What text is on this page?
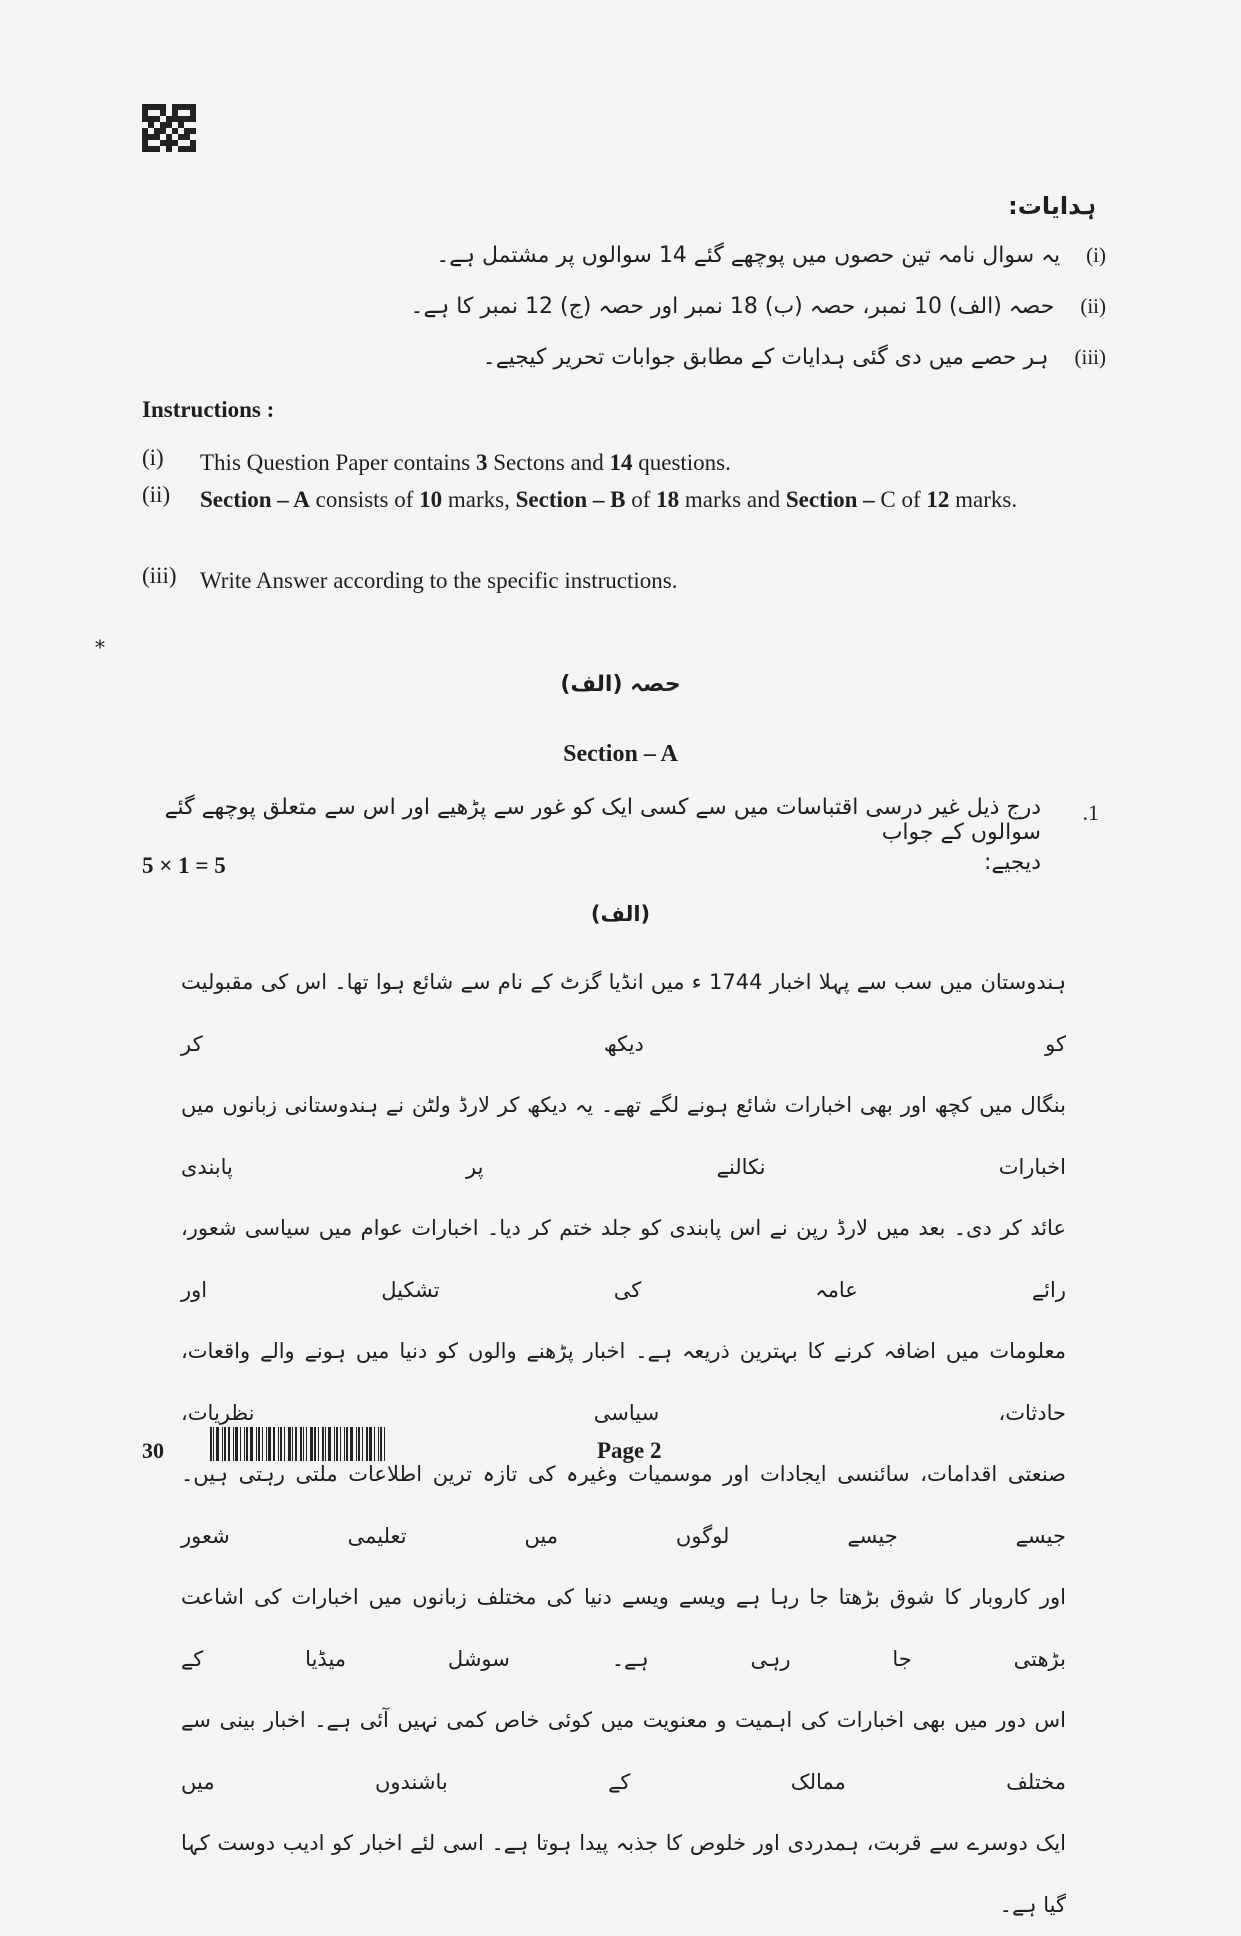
ہدایات:
(i)
یہ سوال نامہ تین حصوں میں پوچھے گئے 14 سوالوں پر مشتمل ہے۔
(ii)
حصہ (الف) 10 نمبر، حصہ (ب) 18 نمبر اور حصہ (ج) 12 نمبر کا ہے۔
(iii)
ہر حصے میں دی گئی ہدایات کے مطابق جوابات تحریر کیجیے۔
Instructions :
(i)	This Question Paper contains 3 Sectons and 14 questions.
(ii)	Section – A consists of 10 marks, Section – B of 18 marks and Section – C of 12 marks.
(iii)	Write Answer according to the specific instructions.
*
حصہ (الف)
Section – A
.1
درج ذیل غیر درسی اقتباسات میں سے کسی ایک کو غور سے پڑھیے اور اس سے متعلق پوچھے گئے سوالوں کے جواب
دیجیے:
5 × 1 = 5
(الف)
ہندوستان میں سب سے پہلا اخبار 1744 ء میں انڈیا گزٹ کے نام سے شائع ہوا تھا۔ اس کی مقبولیت کو دیکھ کر
بنگال میں کچھ اور بھی اخبارات شائع ہونے لگے تھے۔ یہ دیکھ کر لارڈ ولٹن نے ہندوستانی زبانوں میں اخبارات نکالنے پر پابندی
عائد کر دی۔ بعد میں لارڈ رپن نے اس پابندی کو جلد ختم کر دیا۔ اخبارات عوام میں سیاسی شعور، رائے عامہ کی تشکیل اور
معلومات میں اضافہ کرنے کا بہترین ذریعہ ہے۔ اخبار پڑھنے والوں کو دنیا میں ہونے والے واقعات، حادثات، سیاسی نظریات،
صنعتی اقدامات، سائنسی ایجادات اور موسمیات وغیرہ کی تازہ ترین اطلاعات ملتی رہتی ہیں۔ جیسے جیسے لوگوں میں تعلیمی شعور
اور کاروبار کا شوق بڑھتا جا رہا ہے ویسے ویسے دنیا کی مختلف زبانوں میں اخبارات کی اشاعت بڑھتی جا رہی ہے۔ سوشل میڈیا کے
اس دور میں بھی اخبارات کی اہمیت و معنویت میں کوئی خاص کمی نہیں آئی ہے۔ اخبار بینی سے مختلف ممالک کے باشندوں میں
ایک دوسرے سے قربت، ہمدردی اور خلوص کا جذبہ پیدا ہوتا ہے۔ اسی لئے اخبار کو ادیب دوست کہا گیا ہے۔
30	Page 2
